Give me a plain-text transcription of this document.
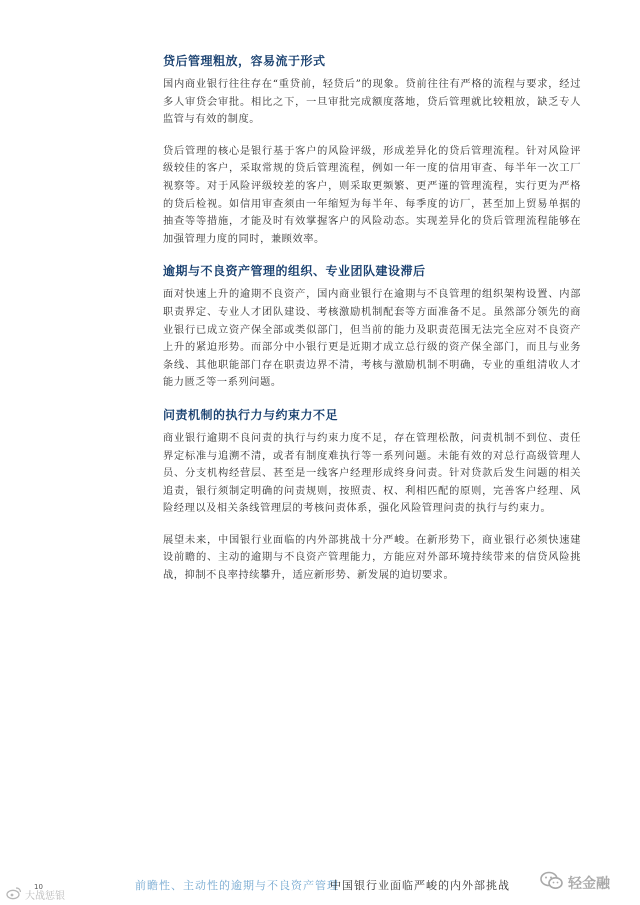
贷后管理粗放，容易流于形式

国内商业银行往往存在“重贷前，轻贷后”的现象。贷前往往有严格的流程与要求，经过多人审贷会审批。相比之下，一旦审批完成额度落地，贷后管理就比较粗放，缺乏专人监管与有效的制度。

贷后管理的核心是银行基于客户的风险评级，形成差异化的贷后管理流程。针对风险评级较佳的客户，采取常规的贷后管理流程，例如一年一度的信用审查、每半年一次工厂视察等。对于风险评级较差的客户，则采取更频繁、更严谨的管理流程，实行更为严格的贷后检视。如信用审查须由一年缩短为每半年、每季度的访厂，甚至加上贸易单据的抽查等等措施，才能及时有效掌握客户的风险动态。实现差异化的贷后管理流程能够在加强管理力度的同时，兼顾效率。

逾期与不良资产管理的组织、专业团队建设滞后

面对快速上升的逾期不良资产，国内商业银行在逾期与不良管理的组织架构设置、内部职责界定、专业人才团队建设、考核激励机制配套等方面准备不足。虽然部分领先的商业银行已成立资产保全部或类似部门，但当前的能力及职责范围无法完全应对不良资产上升的紧迫形势。而部分中小银行更是近期才成立总行级的资产保全部门，而且与业务条线、其他职能部门存在职责边界不清，考核与激励机制不明确，专业的重组清收人才能力匮乏等一系列问题。

问责机制的执行力与约束力不足

商业银行逾期不良问责的执行与约束力度不足，存在管理松散，问责机制不到位、责任界定标准与追溯不清，或者有制度难执行等一系列问题。未能有效的对总行高级管理人员、分支机构经营层、甚至是一线客户经理形成终身问责。针对贷款后发生问题的相关追责，银行须制定明确的问责规则，按照责、权、利相匹配的原则，完善客户经理、风险经理以及相关条线管理层的考核问责体系，强化风险管理问责的执行与约束力。

展望未来，中国银行业面临的内外部挑战十分严峻。在新形势下，商业银行必须快速建设前瞻的、主动的逾期与不良资产管理能力，方能应对外部环境持续带来的信贷风险挑战，抑制不良率持续攀升，适应新形势、新发展的迫切要求。

10	前瞻性、主动性的逾期与不良资产管理
中国银行业面临严峻的内外部挑战	轻金融
大战惩银
